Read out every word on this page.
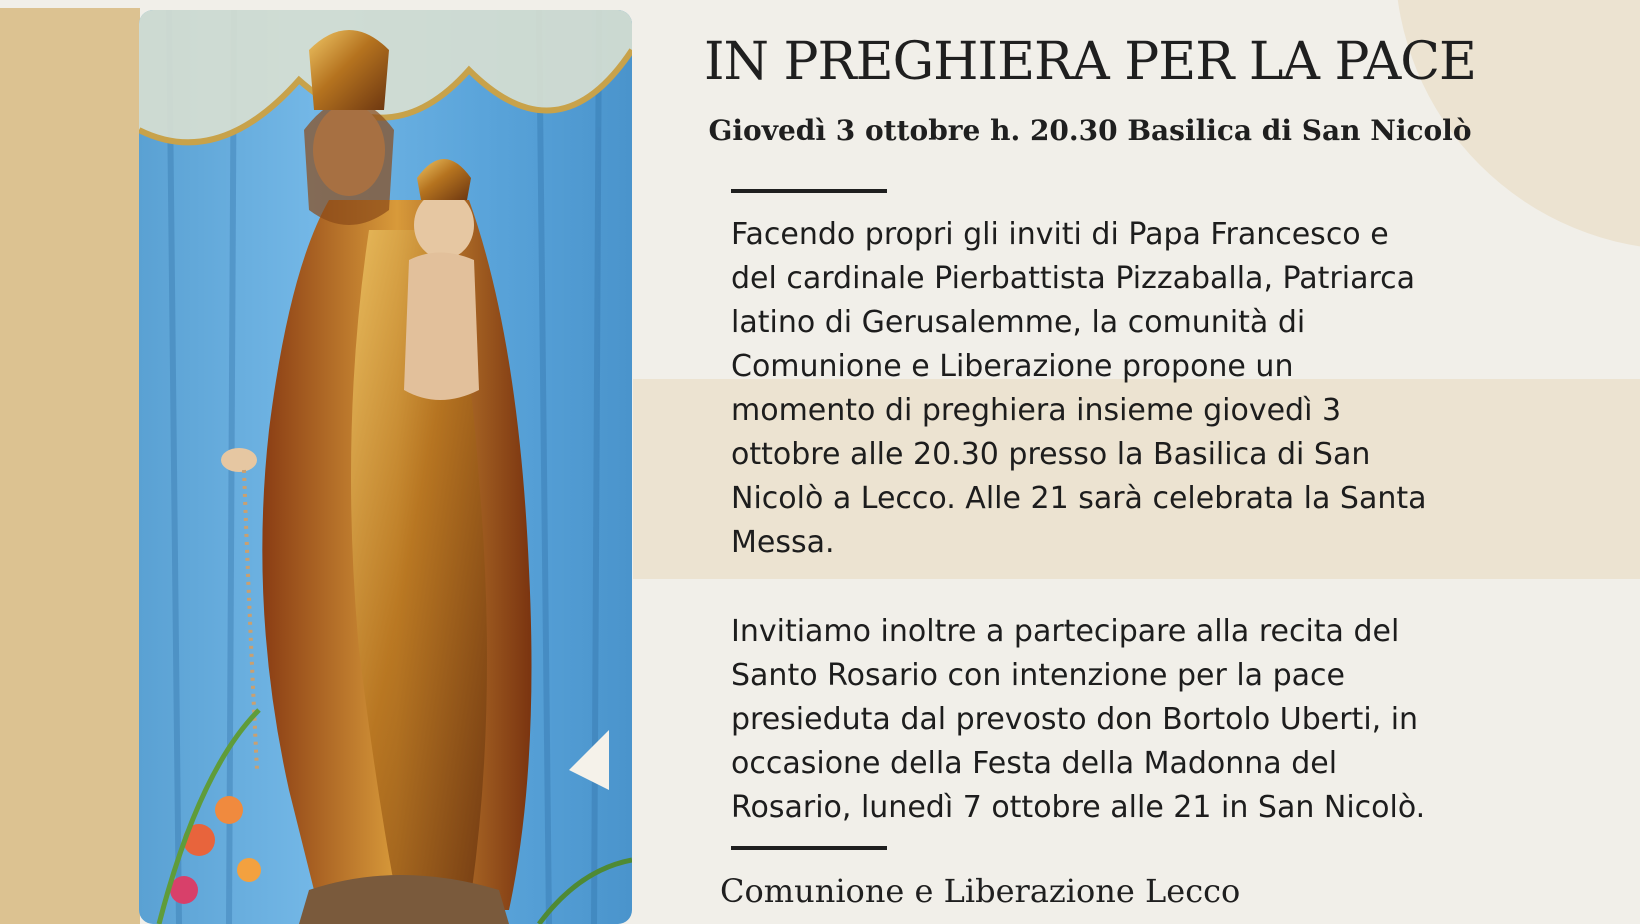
IN PREGHIERA PER LA PACE
Giovedì 3 ottobre h. 20.30 Basilica di San Nicolò

Facendo propri gli inviti di Papa Francesco e
del cardinale Pierbattista Pizzaballa, Patriarca
latino di Gerusalemme, la comunità di
Comunione e Liberazione propone un
momento di preghiera insieme giovedì 3
ottobre alle 20.30 presso la Basilica di San
Nicolò a Lecco. Alle 21 sarà celebrata la Santa
Messa.

Invitiamo inoltre a partecipare alla recita del
Santo Rosario con intenzione per la pace
presieduta dal prevosto don Bortolo Uberti, in
occasione della Festa della Madonna del
Rosario, lunedì 7 ottobre alle 21 in San Nicolò.

Comunione e Liberazione Lecco
